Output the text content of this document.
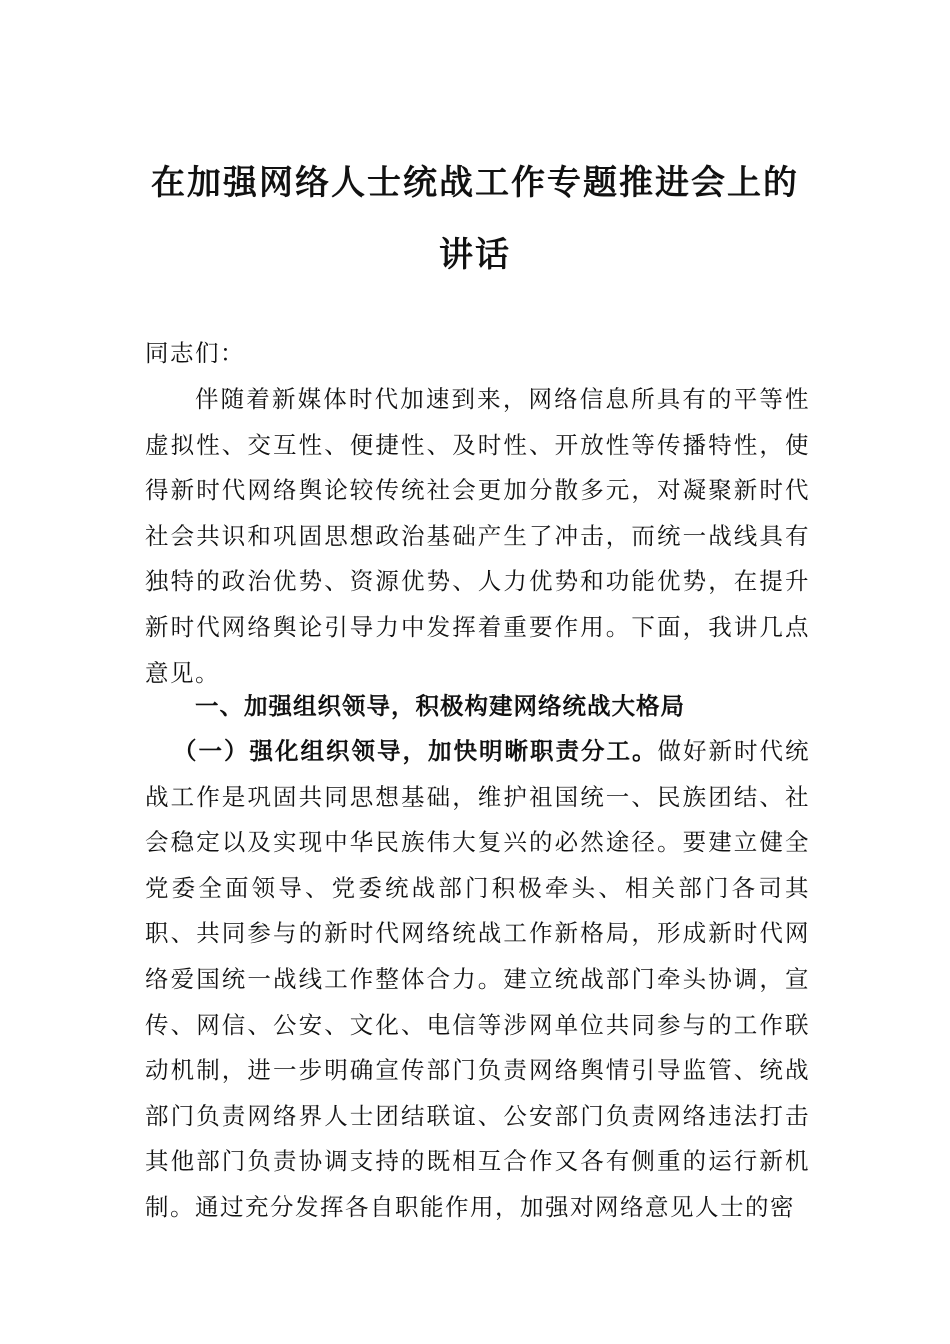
在加强网络人士统战工作专题推进会上的
讲话

同志们：

伴随着新媒体时代加速到来，网络信息所具有的平等性虚拟性、交互性、便捷性、及时性、开放性等传播特性，使得新时代网络舆论较传统社会更加分散多元，对凝聚新时代社会共识和巩固思想政治基础产生了冲击，而统一战线具有独特的政治优势、资源优势、人力优势和功能优势，在提升新时代网络舆论引导力中发挥着重要作用。下面，我讲几点意见。

一、加强组织领导，积极构建网络统战大格局

（一）强化组织领导，加快明晰职责分工。做好新时代统战工作是巩固共同思想基础，维护祖国统一、民族团结、社会稳定以及实现中华民族伟大复兴的必然途径。要建立健全党委全面领导、党委统战部门积极牵头、相关部门各司其职、共同参与的新时代网络统战工作新格局，形成新时代网络爱国统一战线工作整体合力。建立统战部门牵头协调，宣传、网信、公安、文化、电信等涉网单位共同参与的工作联动机制，进一步明确宣传部门负责网络舆情引导监管、统战部门负责网络界人士团结联谊、公安部门负责网络违法打击其他部门负责协调支持的既相互合作又各有侧重的运行新机制。通过充分发挥各自职能作用，加强对网络意见人士的密
